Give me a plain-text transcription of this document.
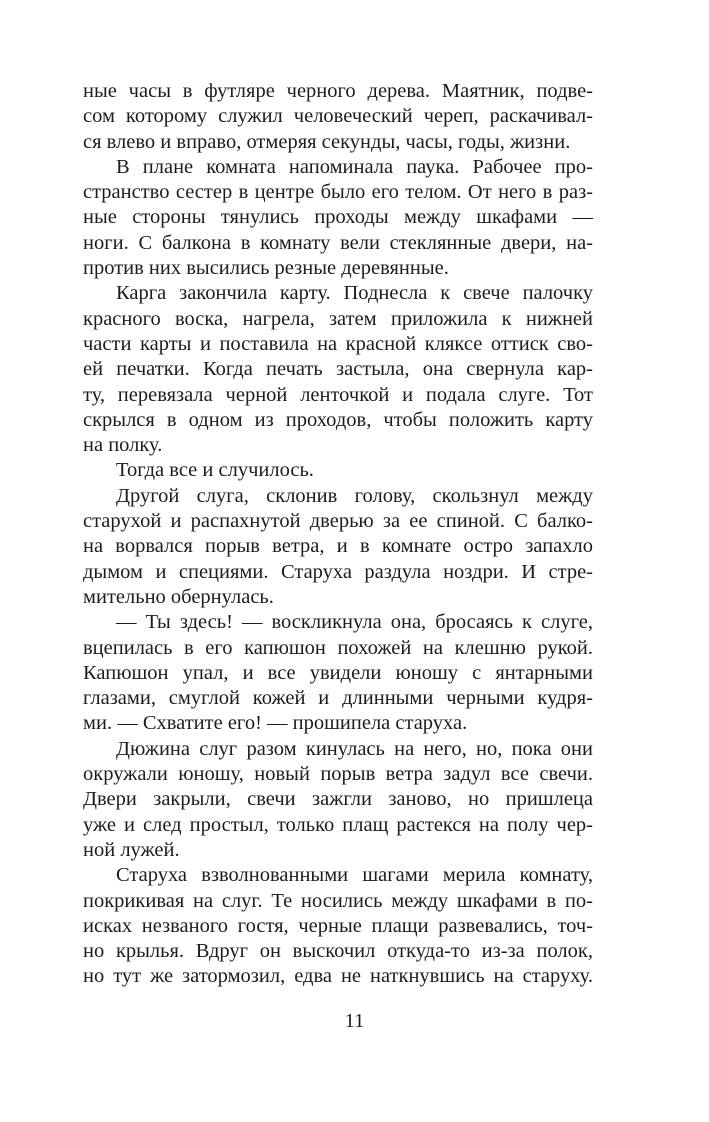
ные часы в футляре черного дерева. Маятник, подве-
сом которому служил человеческий череп, раскачивал-
ся влево и вправо, отмеряя секунды, часы, годы, жизни.
В плане комната напоминала паука. Рабочее про-
странство сестер в центре было его телом. От него в раз-
ные стороны тянулись проходы между шкафами —
ноги. С балкона в комнату вели стеклянные двери, на-
против них высились резные деревянные.
Карга закончила карту. Поднесла к свече палочку
красного воска, нагрела, затем приложила к нижней
части карты и поставила на красной кляксе оттиск сво-
ей печатки. Когда печать застыла, она свернула кар-
ту, перевязала черной ленточкой и подала слуге. Тот
скрылся в одном из проходов, чтобы положить карту
на полку.
Тогда все и случилось.
Другой слуга, склонив голову, скользнул между
старухой и распахнутой дверью за ее спиной. С балко-
на ворвался порыв ветра, и в комнате остро запахло
дымом и специями. Старуха раздула ноздри. И стре-
мительно обернулась.
— Ты здесь! — воскликнула она, бросаясь к слуге,
вцепилась в его капюшон похожей на клешню рукой.
Капюшон упал, и все увидели юношу с янтарными
глазами, смуглой кожей и длинными черными кудря-
ми. — Схватите его! — прошипела старуха.
Дюжина слуг разом кинулась на него, но, пока они
окружали юношу, новый порыв ветра задул все свечи.
Двери закрыли, свечи зажгли заново, но пришлеца
уже и след простыл, только плащ растекся на полу чер-
ной лужей.
Старуха взволнованными шагами мерила комнату,
покрикивая на слуг. Те носились между шкафами в по-
исках незваного гостя, черные плащи развевались, точ-
но крылья. Вдруг он выскочил откуда-то из-за полок,
но тут же затормозил, едва не наткнувшись на старуху.
11
